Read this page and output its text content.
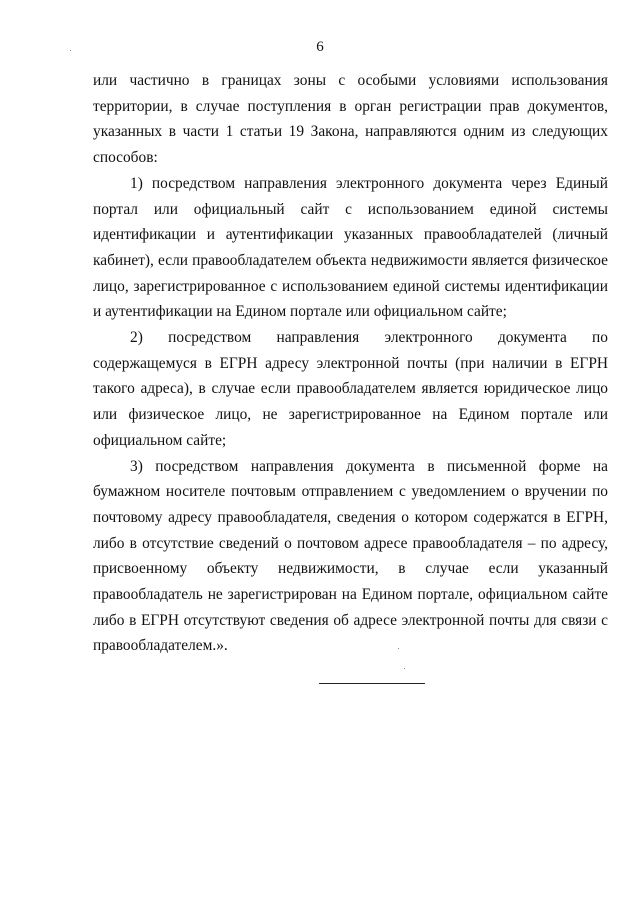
6

или частично в границах зоны с особыми условиями использования территории, в случае поступления в орган регистрации прав документов, указанных в части 1 статьи 19 Закона, направляются одним из следующих способов:

1) посредством направления электронного документа через Единый портал или официальный сайт с использованием единой системы идентификации и аутентификации указанных правообладателей (личный кабинет), если правообладателем объекта недвижимости является физическое лицо, зарегистрированное с использованием единой системы идентификации и аутентификации на Едином портале или официальном сайте;

2) посредством направления электронного документа по содержащемуся в ЕГРН адресу электронной почты (при наличии в ЕГРН такого адреса), в случае если правообладателем является юридическое лицо или физическое лицо, не зарегистрированное на Едином портале или официальном сайте;

3) посредством направления документа в письменной форме на бумажном носителе почтовым отправлением с уведомлением о вручении по почтовому адресу правообладателя, сведения о котором содержатся в ЕГРН, либо в отсутствие сведений о почтовом адресе правообладателя – по адресу, присвоенному объекту недвижимости, в случае если указанный правообладатель не зарегистрирован на Едином портале, официальном сайте либо в ЕГРН отсутствуют сведения об адресе электронной почты для связи с правообладателем.».
